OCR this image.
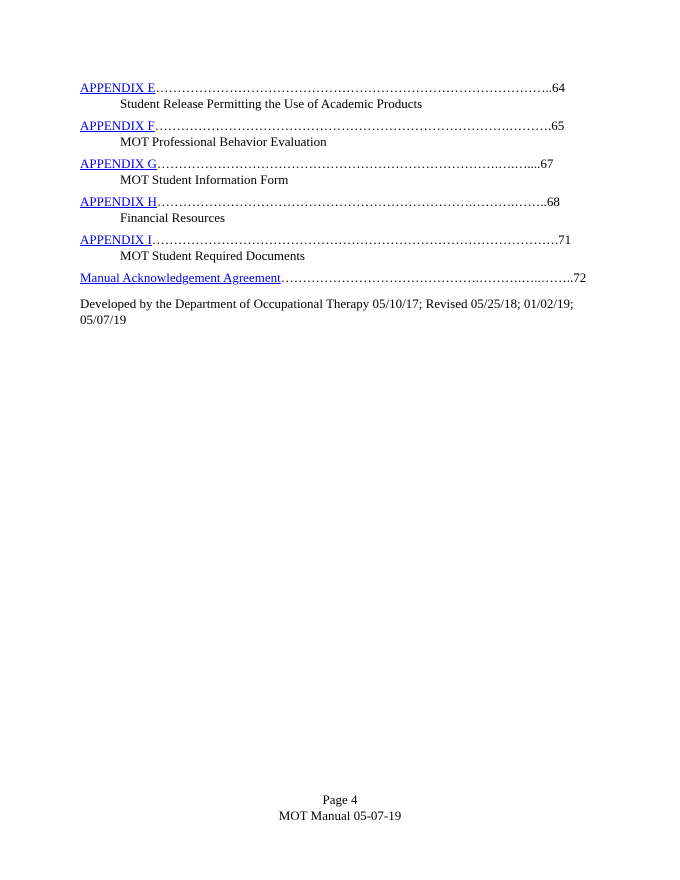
APPENDIX E………………………………………………………………………………..64
Student Release Permitting the Use of Academic Products
APPENDIX F……………………………………………………………………….……….65
MOT Professional Behavior Evaluation
APPENDIX G…………………………………………………………………….….…....67
MOT Student Information Form
APPENDIX H……………………………………………………………….……….……..68
Financial Resources
APPENDIX I………………………………………………………………………………….71
MOT Student Required Documents
Manual Acknowledgement Agreement……………………………………….……….…..……..72
Developed by the Department of Occupational Therapy 05/10/17; Revised 05/25/18; 01/02/19; 05/07/19
Page 4
MOT Manual 05-07-19
